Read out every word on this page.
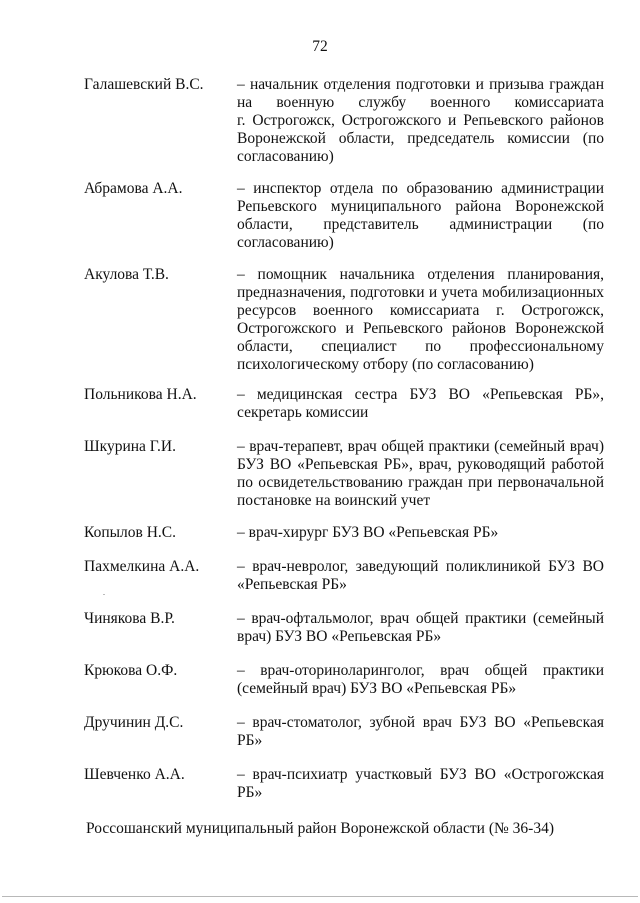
72
Галашевский В.С.	– начальник отделения подготовки и призыва граждан
на военную службу военного комиссариата
г. Острогожск, Острогожского и Репьевского районов
Воронежской области, председатель комиссии (по
согласованию)
Абрамова А.А.	– инспектор отдела по образованию администрации
Репьевского муниципального района Воронежской
области, представитель администрации (по
согласованию)
Акулова Т.В.	– помощник начальника отделения планирования,
предназначения, подготовки и учета мобилизационных
ресурсов военного комиссариата г. Острогожск,
Острогожского и Репьевского районов Воронежской
области, специалист по профессиональному
психологическому отбору (по согласованию)
Польникова Н.А.	– медицинская сестра БУЗ ВО «Репьевская РБ»,
секретарь комиссии
Шкурина Г.И.	– врач-терапевт, врач общей практики (семейный врач)
БУЗ ВО «Репьевская РБ», врач, руководящий работой
по освидетельствованию граждан при первоначальной
постановке на воинский учет
Копылов Н.С.	– врач-хирург БУЗ ВО «Репьевская РБ»
Пахмелкина А.А.	– врач-невролог, заведующий поликлиникой БУЗ ВО
«Репьевская РБ»
Чинякова В.Р.	– врач-офтальмолог, врач общей практики (семейный
врач) БУЗ ВО «Репьевская РБ»
Крюкова О.Ф.	– врач-оториноларинголог, врач общей практики
(семейный врач) БУЗ ВО «Репьевская РБ»
Дручинин Д.С.	– врач-стоматолог, зубной врач БУЗ ВО «Репьевская
РБ»
Шевченко А.А.	– врач-психиатр участковый БУЗ ВО «Острогожская
РБ»
Россошанский муниципальный район Воронежской области (№ 36-34)
